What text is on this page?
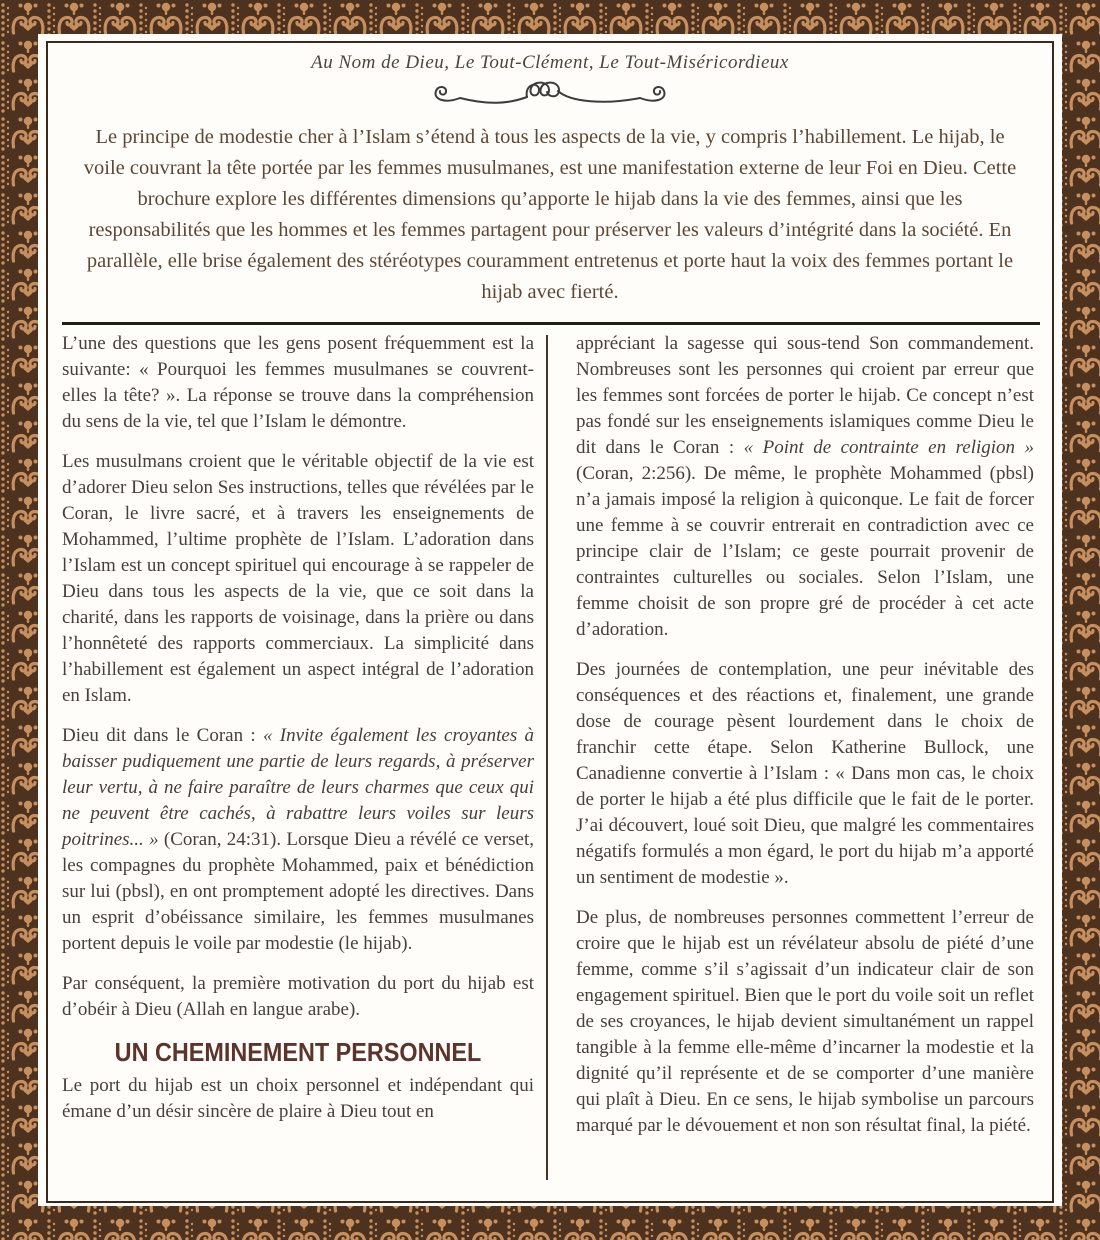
Au Nom de Dieu, Le Tout-Clément, Le Tout-Miséricordieux
Le principe de modestie cher à l’Islam s’étend à tous les aspects de la vie, y compris l’habillement. Le hijab, le voile couvrant la tête portée par les femmes musulmanes, est une manifestation externe de leur Foi en Dieu. Cette brochure explore les différentes dimensions qu’apporte le hijab dans la vie des femmes, ainsi que les responsabilités que les hommes et les femmes partagent pour préserver les valeurs d’intégrité dans la société. En parallèle, elle brise également des stéréotypes couramment entretenus et porte haut la voix des femmes portant le hijab avec fierté.

L’une des questions que les gens posent fréquemment est la suivante: « Pourquoi les femmes musulmanes se couvrent-elles la tête? ». La réponse se trouve dans la compréhension du sens de la vie, tel que l’Islam le démontre.

Les musulmans croient que le véritable objectif de la vie est d’adorer Dieu selon Ses instructions, telles que révélées par le Coran, le livre sacré, et à travers les enseignements de Mohammed, l’ultime prophète de l’Islam. L’adoration dans l’Islam est un concept spirituel qui encourage à se rappeler de Dieu dans tous les aspects de la vie, que ce soit dans la charité, dans les rapports de voisinage, dans la prière ou dans l’honnêteté des rapports commerciaux. La simplicité dans l’habillement est également un aspect intégral de l’adoration en Islam.

Dieu dit dans le Coran : « Invite également les croyantes à baisser pudiquement une partie de leurs regards, à préserver leur vertu, à ne faire paraître de leurs charmes que ceux qui ne peuvent être cachés, à rabattre leurs voiles sur leurs poitrines... » (Coran, 24:31). Lorsque Dieu a révélé ce verset, les compagnes du prophète Mohammed, paix et bénédiction sur lui (pbsl), en ont promptement adopté les directives. Dans un esprit d’obéissance similaire, les femmes musulmanes portent depuis le voile par modestie (le hijab).

Par conséquent, la première motivation du port du hijab est d’obéir à Dieu (Allah en langue arabe).

UN CHEMINEMENT PERSONNEL

Le port du hijab est un choix personnel et indépendant qui émane d’un désir sincère de plaire à Dieu tout en

appréciant la sagesse qui sous-tend Son commandement. Nombreuses sont les personnes qui croient par erreur que les femmes sont forcées de porter le hijab. Ce concept n’est pas fondé sur les enseignements islamiques comme Dieu le dit dans le Coran : « Point de contrainte en religion » (Coran, 2:256). De même, le prophète Mohammed (pbsl) n’a jamais imposé la religion à quiconque. Le fait de forcer une femme à se couvrir entrerait en contradiction avec ce principe clair de l’Islam; ce geste pourrait provenir de contraintes culturelles ou sociales. Selon l’Islam, une femme choisit de son propre gré de procéder à cet acte d’adoration.

Des journées de contemplation, une peur inévitable des conséquences et des réactions et, finalement, une grande dose de courage pèsent lourdement dans le choix de franchir cette étape. Selon Katherine Bullock, une Canadienne convertie à l’Islam : « Dans mon cas, le choix de porter le hijab a été plus difficile que le fait de le porter. J’ai découvert, loué soit Dieu, que malgré les commentaires négatifs formulés a mon égard, le port du hijab m’a apporté un sentiment de modestie ».

De plus, de nombreuses personnes commettent l’erreur de croire que le hijab est un révélateur absolu de piété d’une femme, comme s’il s’agissait d’un indicateur clair de son engagement spirituel. Bien que le port du voile soit un reflet de ses croyances, le hijab devient simultanément un rappel tangible à la femme elle-même d’incarner la modestie et la dignité qu’il représente et de se comporter d’une manière qui plaît à Dieu. En ce sens, le hijab symbolise un parcours marqué par le dévouement et non son résultat final, la piété.
